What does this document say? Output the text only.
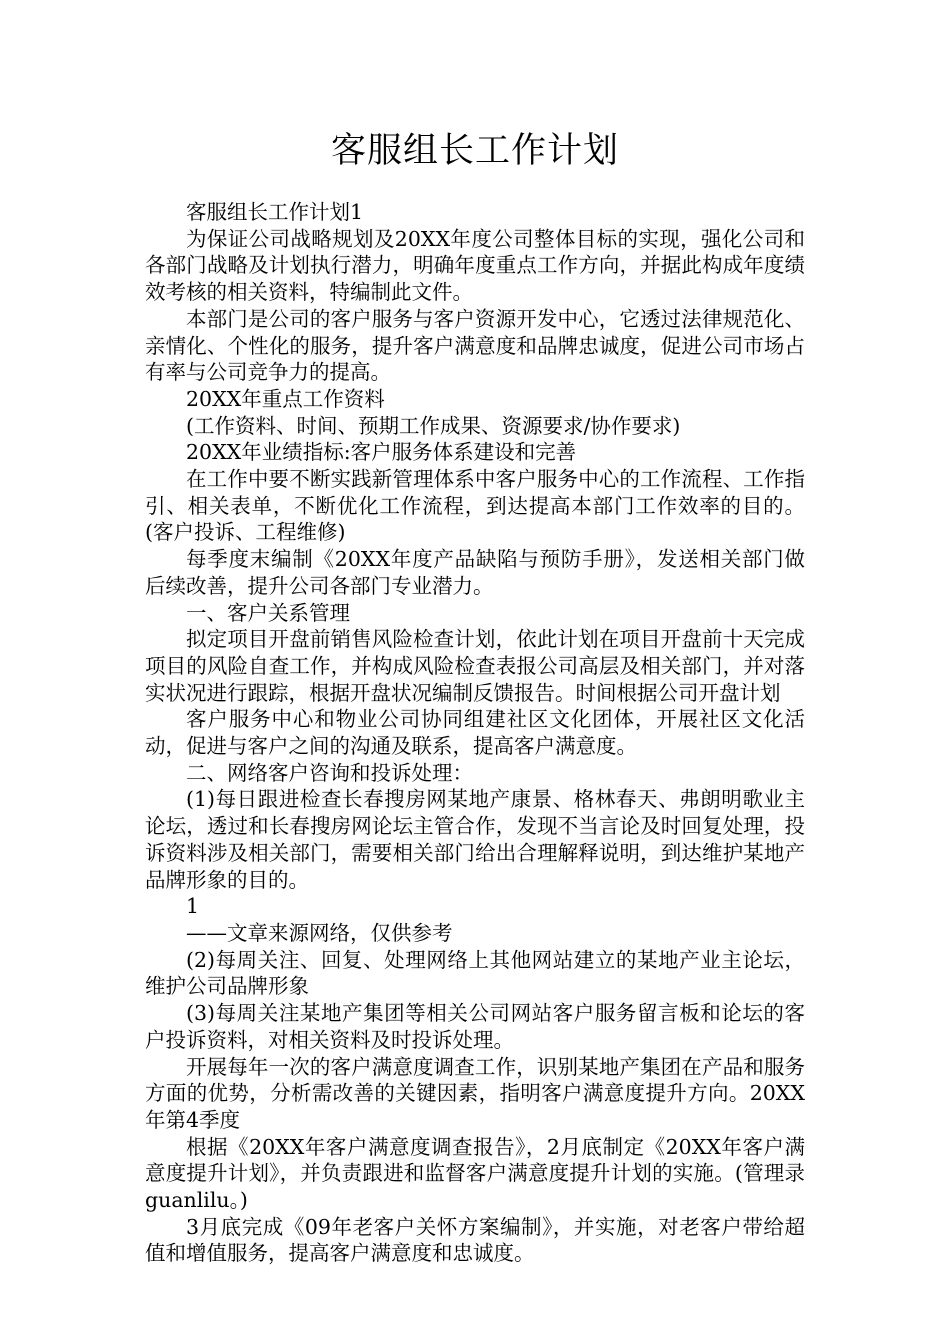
客服组长工作计划

客服组长工作计划1

为保证公司战略规划及20XX年度公司整体目标的实现，强化公司和各部门战略及计划执行潜力，明确年度重点工作方向，并据此构成年度绩效考核的相关资料，特编制此文件。

本部门是公司的客户服务与客户资源开发中心，它透过法律规范化、亲情化、个性化的服务，提升客户满意度和品牌忠诚度，促进公司市场占有率与公司竞争力的提高。

20XX年重点工作资料

(工作资料、时间、预期工作成果、资源要求/协作要求)

20XX年业绩指标:客户服务体系建设和完善

在工作中要不断实践新管理体系中客户服务中心的工作流程、工作指引、相关表单，不断优化工作流程，到达提高本部门工作效率的目的。(客户投诉、工程维修)

每季度末编制《20XX年度产品缺陷与预防手册》，发送相关部门做后续改善，提升公司各部门专业潜力。

一、客户关系管理

拟定项目开盘前销售风险检查计划，依此计划在项目开盘前十天完成项目的风险自查工作，并构成风险检查表报公司高层及相关部门，并对落实状况进行跟踪，根据开盘状况编制反馈报告。时间根据公司开盘计划

客户服务中心和物业公司协同组建社区文化团体，开展社区文化活动，促进与客户之间的沟通及联系，提高客户满意度。

二、网络客户咨询和投诉处理：

(1)每日跟进检查长春搜房网某地产康景、格林春天、弗朗明歌业主论坛，透过和长春搜房网论坛主管合作，发现不当言论及时回复处理，投诉资料涉及相关部门，需要相关部门给出合理解释说明，到达维护某地产品牌形象的目的。

1

——文章来源网络，仅供参考

(2)每周关注、回复、处理网络上其他网站建立的某地产业主论坛，维护公司品牌形象

(3)每周关注某地产集团等相关公司网站客户服务留言板和论坛的客户投诉资料，对相关资料及时投诉处理。

开展每年一次的客户满意度调查工作，识别某地产集团在产品和服务方面的优势，分析需改善的关键因素，指明客户满意度提升方向。20XX年第4季度

根据《20XX年客户满意度调查报告》，2月底制定《20XX年客户满意度提升计划》，并负责跟进和监督客户满意度提升计划的实施。(管理录guanlilu。)

3月底完成《09年老客户关怀方案编制》，并实施，对老客户带给超值和增值服务，提高客户满意度和忠诚度。
